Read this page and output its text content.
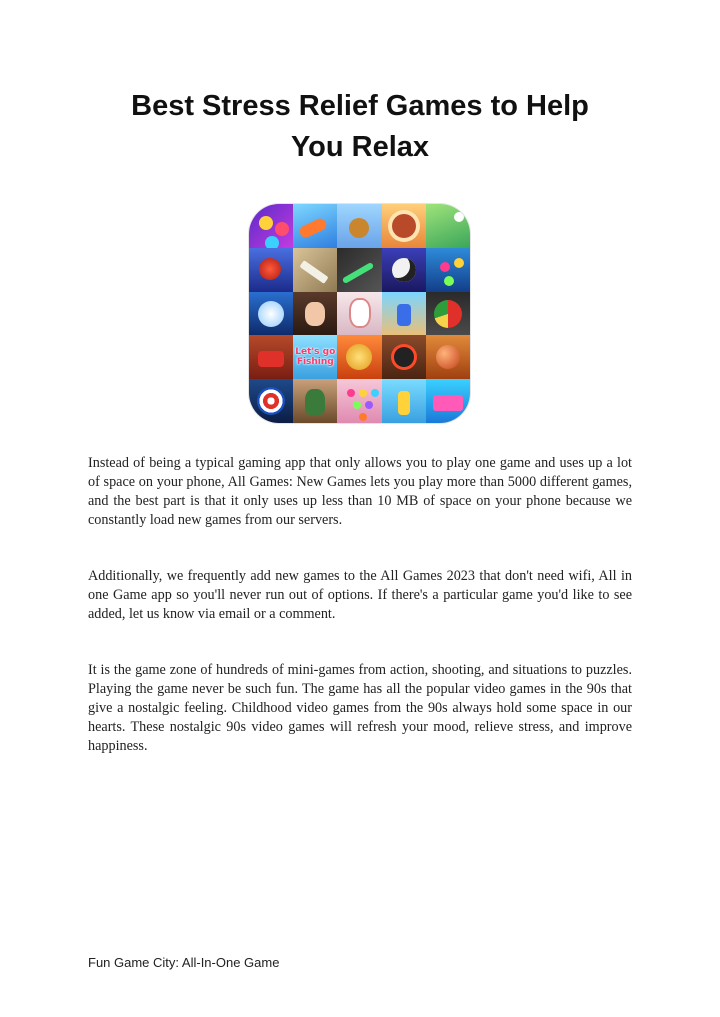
Best Stress Relief Games to Help
You Relax
Let's go Fishing

Instead of being a typical gaming app that only allows you to play one game and uses up a lot of space on your phone, All Games: New Games lets you play more than 5000 different games, and the best part is that it only uses up less than 10 MB of space on your phone because we constantly load new games from our servers.

Additionally, we frequently add new games to the All Games 2023 that don't need wifi, All in one Game app so you'll never run out of options. If there's a particular game you'd like to see added, let us know via email or a comment.

It is the game zone of hundreds of mini-games from action, shooting, and situations to puzzles. Playing the game never be such fun. The game has all the popular video games in the 90s that give a nostalgic feeling. Childhood video games from the 90s always hold some space in our hearts. These nostalgic 90s video games will refresh your mood, relieve stress, and improve happiness.

Fun Game City: All-In-One Game
